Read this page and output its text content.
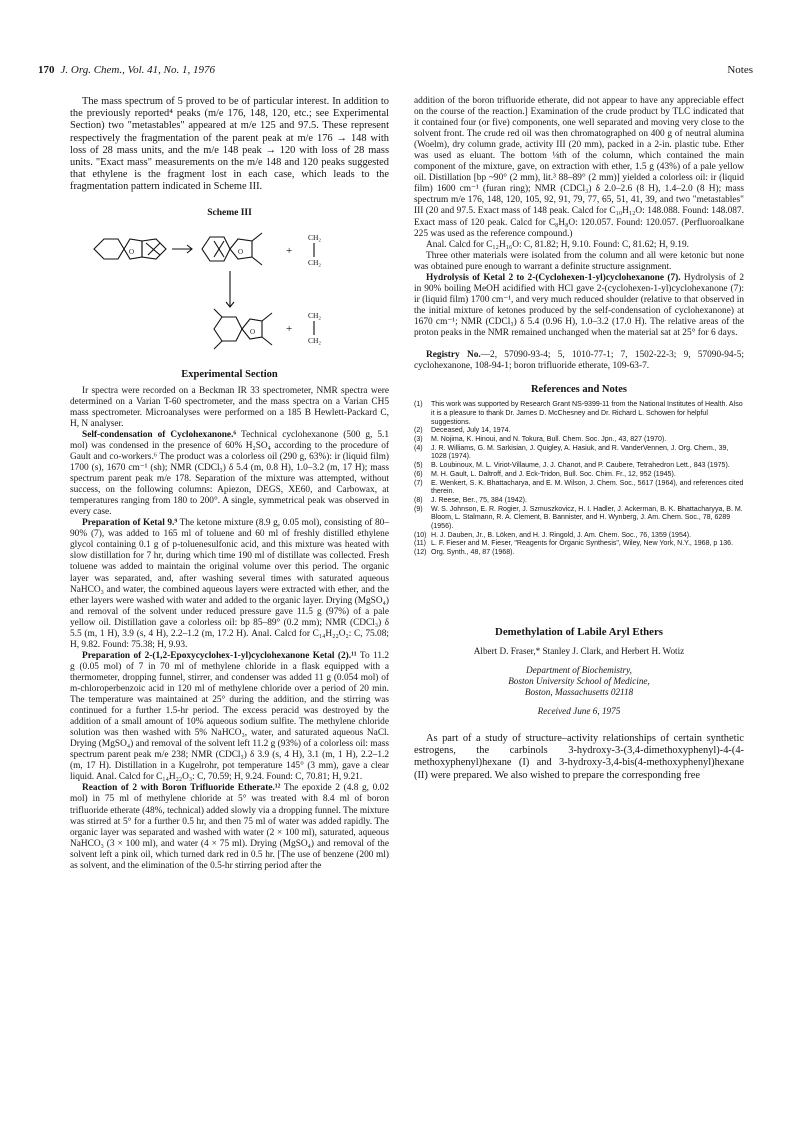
170 J. Org. Chem., Vol. 41, No. 1, 1976	Notes

The mass spectrum of 5 proved to be of particular interest. In addition to the previously reported⁴ peaks (m/e 176, 148, 120, etc.; see Experimental Section) two "metastables" appeared at m/e 125 and 97.5. These represent respectively the fragmentation of the parent peak at m/e 176 → 148 with loss of 28 mass units, and the m/e 148 peak → 120 with loss of 28 mass units. "Exact mass" measurements on the m/e 148 and 120 peaks suggested that ethylene is the fragment lost in each case, which leads to the fragmentation pattern indicated in Scheme III.

Scheme III
O	O
O
+
CH₂
CH₂
+
CH₂
CH₂
Experimental Section

Ir spectra were recorded on a Beckman IR 33 spectrometer, NMR spectra were determined on a Varian T-60 spectrometer, and the mass spectra on a Varian CH5 mass spectrometer. Microanalyses were performed on a 185 B Hewlett-Packard C, H, N analyser.

Self-condensation of Cyclohexanone.⁶ Technical cyclohexanone (500 g, 5.1 mol) was condensed in the presence of 60% H₂SO₄ according to the procedure of Gault and co-workers.⁶ The product was a colorless oil (290 g, 63%): ir (liquid film) 1700 (s), 1670 cm⁻¹ (sh); NMR (CDCl₃) δ 5.4 (m, 0.8 H), 1.0–3.2 (m, 17 H); mass spectrum parent peak m/e 178. Separation of the mixture was attempted, without success, on the following columns: Apiezon, DEGS, XE60, and Carbowax, at temperatures ranging from 180 to 200°. A single, symmetrical peak was observed in every case.

Preparation of Ketal 9.⁹ The ketone mixture (8.9 g, 0.05 mol), consisting of 80–90% (7), was added to 165 ml of toluene and 60 ml of freshly distilled ethylene glycol containing 0.1 g of p-toluenesulfonic acid, and this mixture was heated with slow distillation for 7 hr, during which time 190 ml of distillate was collected. Fresh toluene was added to maintain the original volume over this period. The organic layer was separated, and, after washing several times with saturated aqueous NaHCO₃ and water, the combined aqueous layers were extracted with ether, and the ether layers were washed with water and added to the organic layer. Drying (MgSO₄) and removal of the solvent under reduced pressure gave 11.5 g (97%) of a pale yellow oil. Distillation gave a colorless oil: bp 85–89° (0.2 mm); NMR (CDCl₃) δ 5.5 (m, 1 H), 3.9 (s, 4 H), 2.2–1.2 (m, 17.2 H). Anal. Calcd for C₁₄H₂₂O₂: C, 75.08; H, 9.82. Found: 75.38; H, 9.93.

Preparation of 2-(1,2-Epoxycyclohex-1-yl)cyclohexanone Ketal (2).¹¹ To 11.2 g (0.05 mol) of 7 in 70 ml of methylene chloride in a flask equipped with a thermometer, dropping funnel, stirrer, and condenser was added 11 g (0.054 mol) of m-chloroperbenzoic acid in 120 ml of methylene chloride over a period of 20 min. The temperature was maintained at 25° during the addition, and the stirring was continued for a further 1.5-hr period. The excess peracid was destroyed by the addition of a small amount of 10% aqueous sodium sulfite. The methylene chloride solution was then washed with 5% NaHCO₃, water, and saturated aqueous NaCl. Drying (MgSO₄) and removal of the solvent left 11.2 g (93%) of a colorless oil: mass spectrum parent peak m/e 238; NMR (CDCl₃) δ 3.9 (s, 4 H), 3.1 (m, 1 H), 2.2–1.2 (m, 17 H). Distillation in a Kugelrohr, pot temperature 145° (3 mm), gave a clear liquid. Anal. Calcd for C₁₄H₂₂O₃: C, 70.59; H, 9.24. Found: C, 70.81; H, 9.21.

Reaction of 2 with Boron Trifluoride Etherate.¹² The epoxide 2 (4.8 g, 0.02 mol) in 75 ml of methylene chloride at 5° was treated with 8.4 ml of boron trifluoride etherate (48%, technical) added slowly via a dropping funnel. The mixture was stirred at 5° for a further 0.5 hr, and then 75 ml of water was added rapidly. The organic layer was separated and washed with water (2 × 100 ml), saturated, aqueous NaHCO₃ (3 × 100 ml), and water (4 × 75 ml). Drying (MgSO₄) and removal of the solvent left a pink oil, which turned dark red in 0.5 hr. [The use of benzene (200 ml) as solvent, and the elimination of the 0.5-hr stirring period after the

addition of the boron trifluoride etherate, did not appear to have any appreciable effect on the course of the reaction.] Examination of the crude product by TLC indicated that it contained four (or five) components, one well separated and moving very close to the solvent front. The crude red oil was then chromatographed on 400 g of neutral alumina (Woelm), dry column grade, activity III (20 mm), packed in a 2-in. plastic tube. Ether was used as eluant. The bottom ⅛th of the column, which contained the main component of the mixture, gave, on extraction with ether, 1.5 g (43%) of a pale yellow oil. Distillation [bp ~90° (2 mm), lit.³ 88–89° (2 mm)] yielded a colorless oil: ir (liquid film) 1600 cm⁻¹ (furan ring); NMR (CDCl₃) δ 2.0–2.6 (8 H), 1.4–2.0 (8 H); mass spectrum m/e 176, 148, 120, 105, 92, 91, 79, 77, 65, 51, 41, 39, and two "metastables" III (20 and 97.5. Exact mass of 148 peak. Calcd for C₁₀H₁₂O: 148.088. Found: 148.087. Exact mass of 120 peak. Calcd for C₈H₈O: 120.057. Found: 120.057. (Perfluoroalkane 225 was used as the reference compound.)

Anal. Calcd for C₁₂H₁₆O: C, 81.82; H, 9.10. Found: C, 81.62; H, 9.19.

Three other materials were isolated from the column and all were ketonic but none was obtained pure enough to warrant a definite structure assignment.

Hydrolysis of Ketal 2 to 2-(Cyclohexen-1-yl)cyclohexanone (7). Hydrolysis of 2 in 90% boiling MeOH acidified with HCl gave 2-(cyclohexen-1-yl)cyclohexanone (7): ir (liquid film) 1700 cm⁻¹, and very much reduced shoulder (relative to that observed in the initial mixture of ketones produced by the self-condensation of cyclohexanone) at 1670 cm⁻¹; NMR (CDCl₃) δ 5.4 (0.96 H), 1.0–3.2 (17.0 H). The relative areas of the proton peaks in the NMR remained unchanged when the material sat at 25° for 6 days.

Registry No.—2, 57090-93-4; 5, 1010-77-1; 7, 1502-22-3; 9, 57090-94-5; cyclohexanone, 108-94-1; boron trifluoride etherate, 109-63-7.

References and Notes
(1)	This work was supported by Research Grant NS-9399-11 from the National Institutes of Health. Also it is a pleasure to thank Dr. James D. McChesney and Dr. Richard L. Schowen for helpful suggestions.
(2)	Deceased, July 14, 1974.
(3)	M. Nojima, K. Hinoui, and N. Tokura, Bull. Chem. Soc. Jpn., 43, 827 (1970).
(4)	J. R. Williams, G. M. Sarkisian, J. Quigley, A. Hasiuk, and R. VanderVennen, J. Org. Chem., 39, 1028 (1974).
(5)	B. Loubinoux, M. L. Viriot-Villaume, J. J. Chanot, and P. Caubere, Tetrahedron Lett., 843 (1975).
(6)	M. H. Gault, L. Daltroff, and J. Eck-Tridon, Bull. Soc. Chim. Fr., 12, 952 (1945).
(7)	E. Wenkert, S. K. Bhattacharya, and E. M. Wilson, J. Chem. Soc., 5617 (1964), and references cited therein.
(8)	J. Reese, Ber., 75, 384 (1942).
(9)	W. S. Johnson, E. R. Rogier, J. Szmuszkovicz, H. I. Hadler, J. Ackerman, B. K. Bhattacharyya, B. M. Bloom, L. Stalmann, R. A. Clement, B. Bannister, and H. Wynberg, J. Am. Chem. Soc., 78, 6289 (1956).
(10) H. J. Dauben, Jr., B. Löken, and H. J. Ringold, J. Am. Chem. Soc., 76, 1359 (1954).
(11) L. F. Fieser and M. Fieser, "Reagents for Organic Synthesis", Wiley, New York, N.Y., 1968, p 136.
(12) Org. Synth., 48, 87 (1968).
Demethylation of Labile Aryl Ethers
Albert D. Fraser,* Stanley J. Clark, and Herbert H. Wotiz
Department of Biochemistry,
Boston University School of Medicine,
Boston, Massachusetts 02118
Received June 6, 1975

As part of a study of structure–activity relationships of certain synthetic estrogens, the carbinols 3-hydroxy-3-(3,4-dimethoxyphenyl)-4-(4-methoxyphenyl)hexane (I) and 3-hydroxy-3,4-bis(4-methoxyphenyl)hexane (II) were prepared. We also wished to prepare the corresponding free
